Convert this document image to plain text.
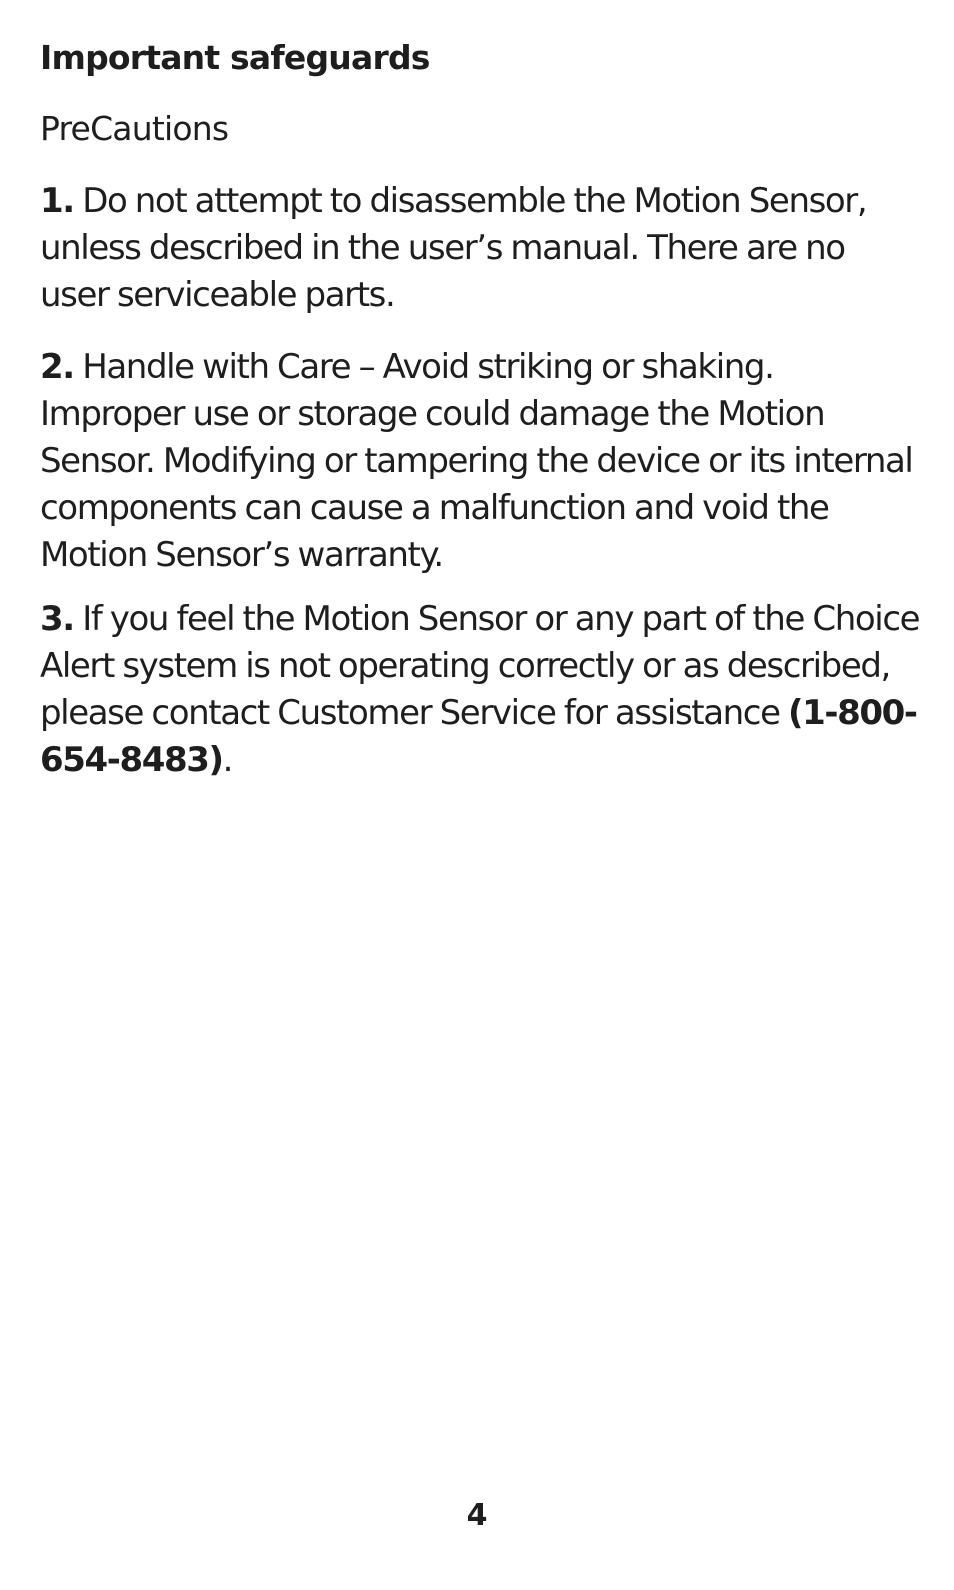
Important safeguards
PreCautions

1. Do not attempt to disassemble the Motion Sensor, unless described in the user’s manual. There are no user serviceable parts.

2. Handle with Care – Avoid striking or shaking. Improper use or storage could damage the Motion Sensor. Modifying or tampering the device or its internal components can cause a malfunction and void the Motion Sensor’s warranty.

3. If you feel the Motion Sensor or any part of the Choice Alert system is not operating correctly or as described, please contact Customer Service for assistance (1-800-654-8483).

4
